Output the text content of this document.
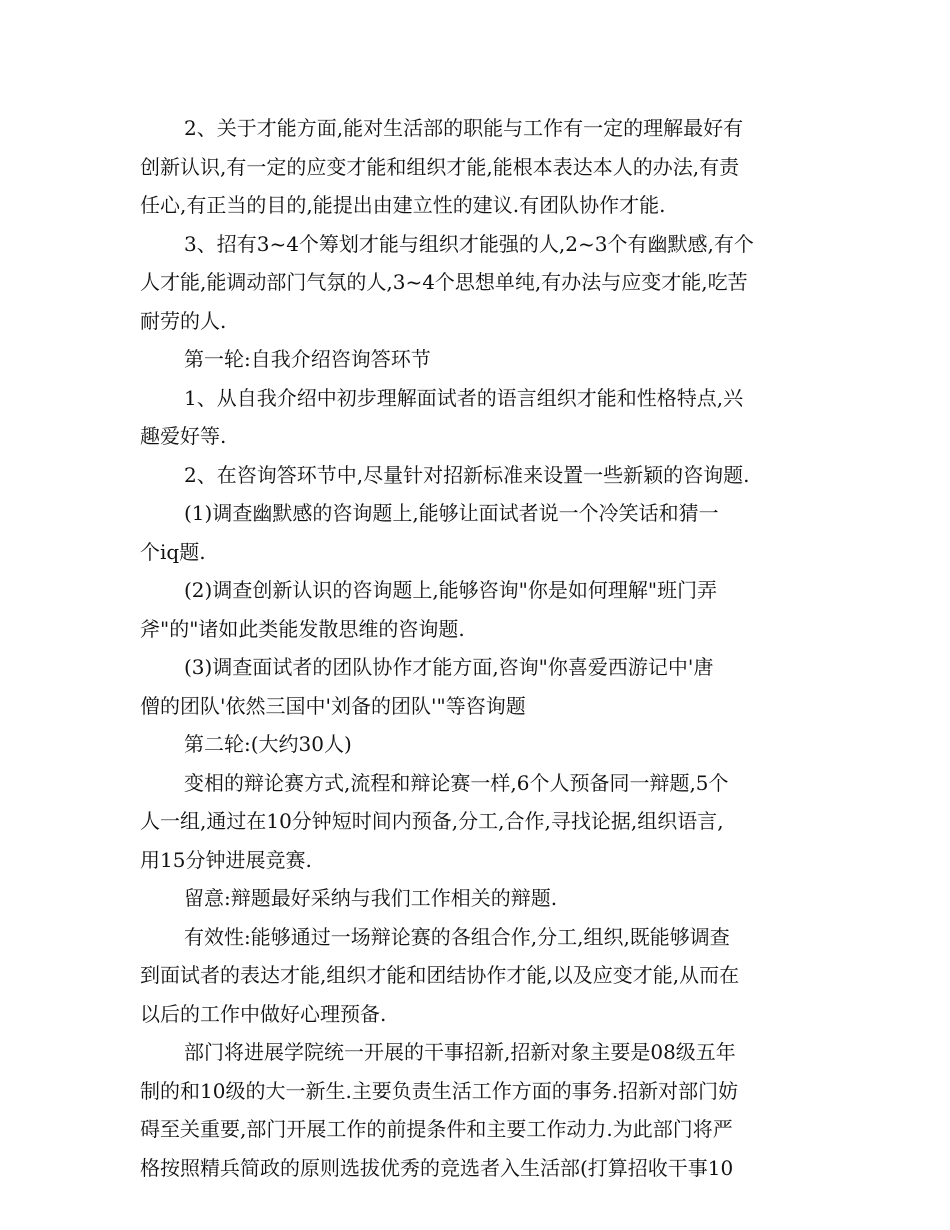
2、关于才能方面,能对生活部的职能与工作有一定的理解最好有
创新认识,有一定的应变才能和组织才能,能根本表达本人的办法,有责
任心,有正当的目的,能提出由建立性的建议.有团队协作才能.
3、招有3~4个筹划才能与组织才能强的人,2~3个有幽默感,有个
人才能,能调动部门气氛的人,3~4个思想单纯,有办法与应变才能,吃苦
耐劳的人.
第一轮:自我介绍咨询答环节
1、从自我介绍中初步理解面试者的语言组织才能和性格特点,兴
趣爱好等.
2、在咨询答环节中,尽量针对招新标准来设置一些新颖的咨询题.
(1)调查幽默感的咨询题上,能够让面试者说一个冷笑话和猜一
个iq题.
(2)调查创新认识的咨询题上,能够咨询"你是如何理解"班门弄
斧"的"诸如此类能发散思维的咨询题.
(3)调查面试者的团队协作才能方面,咨询"你喜爱西游记中'唐
僧的团队'依然三国中'刘备的团队'"等咨询题
第二轮:(大约30人)
变相的辩论赛方式,流程和辩论赛一样,6个人预备同一辩题,5个
人一组,通过在10分钟短时间内预备,分工,合作,寻找论据,组织语言,
用15分钟进展竞赛.
留意:辩题最好采纳与我们工作相关的辩题.
有效性:能够通过一场辩论赛的各组合作,分工,组织,既能够调查
到面试者的表达才能,组织才能和团结协作才能,以及应变才能,从而在
以后的工作中做好心理预备.
部门将进展学院统一开展的干事招新,招新对象主要是08级五年
制的和10级的大一新生.主要负责生活工作方面的事务.招新对部门妨
碍至关重要,部门开展工作的前提条件和主要工作动力.为此部门将严
格按照精兵简政的原则选拔优秀的竞选者入生活部(打算招收干事10
